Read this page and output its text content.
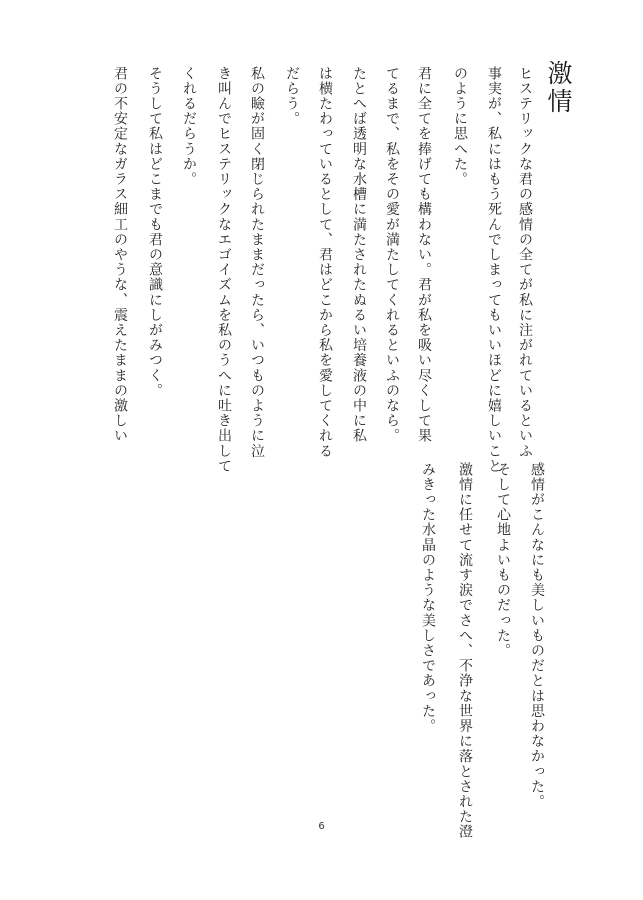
激情
ヒステリックな君の感情の全てが私に注がれているといふ
事実が、私にはもう死んでしまってもいいほどに嬉しいこと
のように思へた。
君に全てを捧げても構わない。君が私を吸い尽くして果
てるまで、私をその愛が満たしてくれるといふのなら。
たとへば透明な水槽に満たされたぬるい培養液の中に私
は横たわっているとして、君はどこから私を愛してくれる
だらう。
私の瞼が固く閉じられたままだったら、いつものように泣
き叫んでヒステリックなエゴイズムを私のうへに吐き出して
くれるだらうか。
そうして私はどこまでも君の意識にしがみつく。
君の不安定なガラス細工のやうな、震えたままの激しい
感情がこんなにも美しいものだとは思わなかった。
そして心地よいものだった。
激情に任せて流す涙でさへ、不浄な世界に落とされた澄
みきった水晶のような美しさであった。
6
